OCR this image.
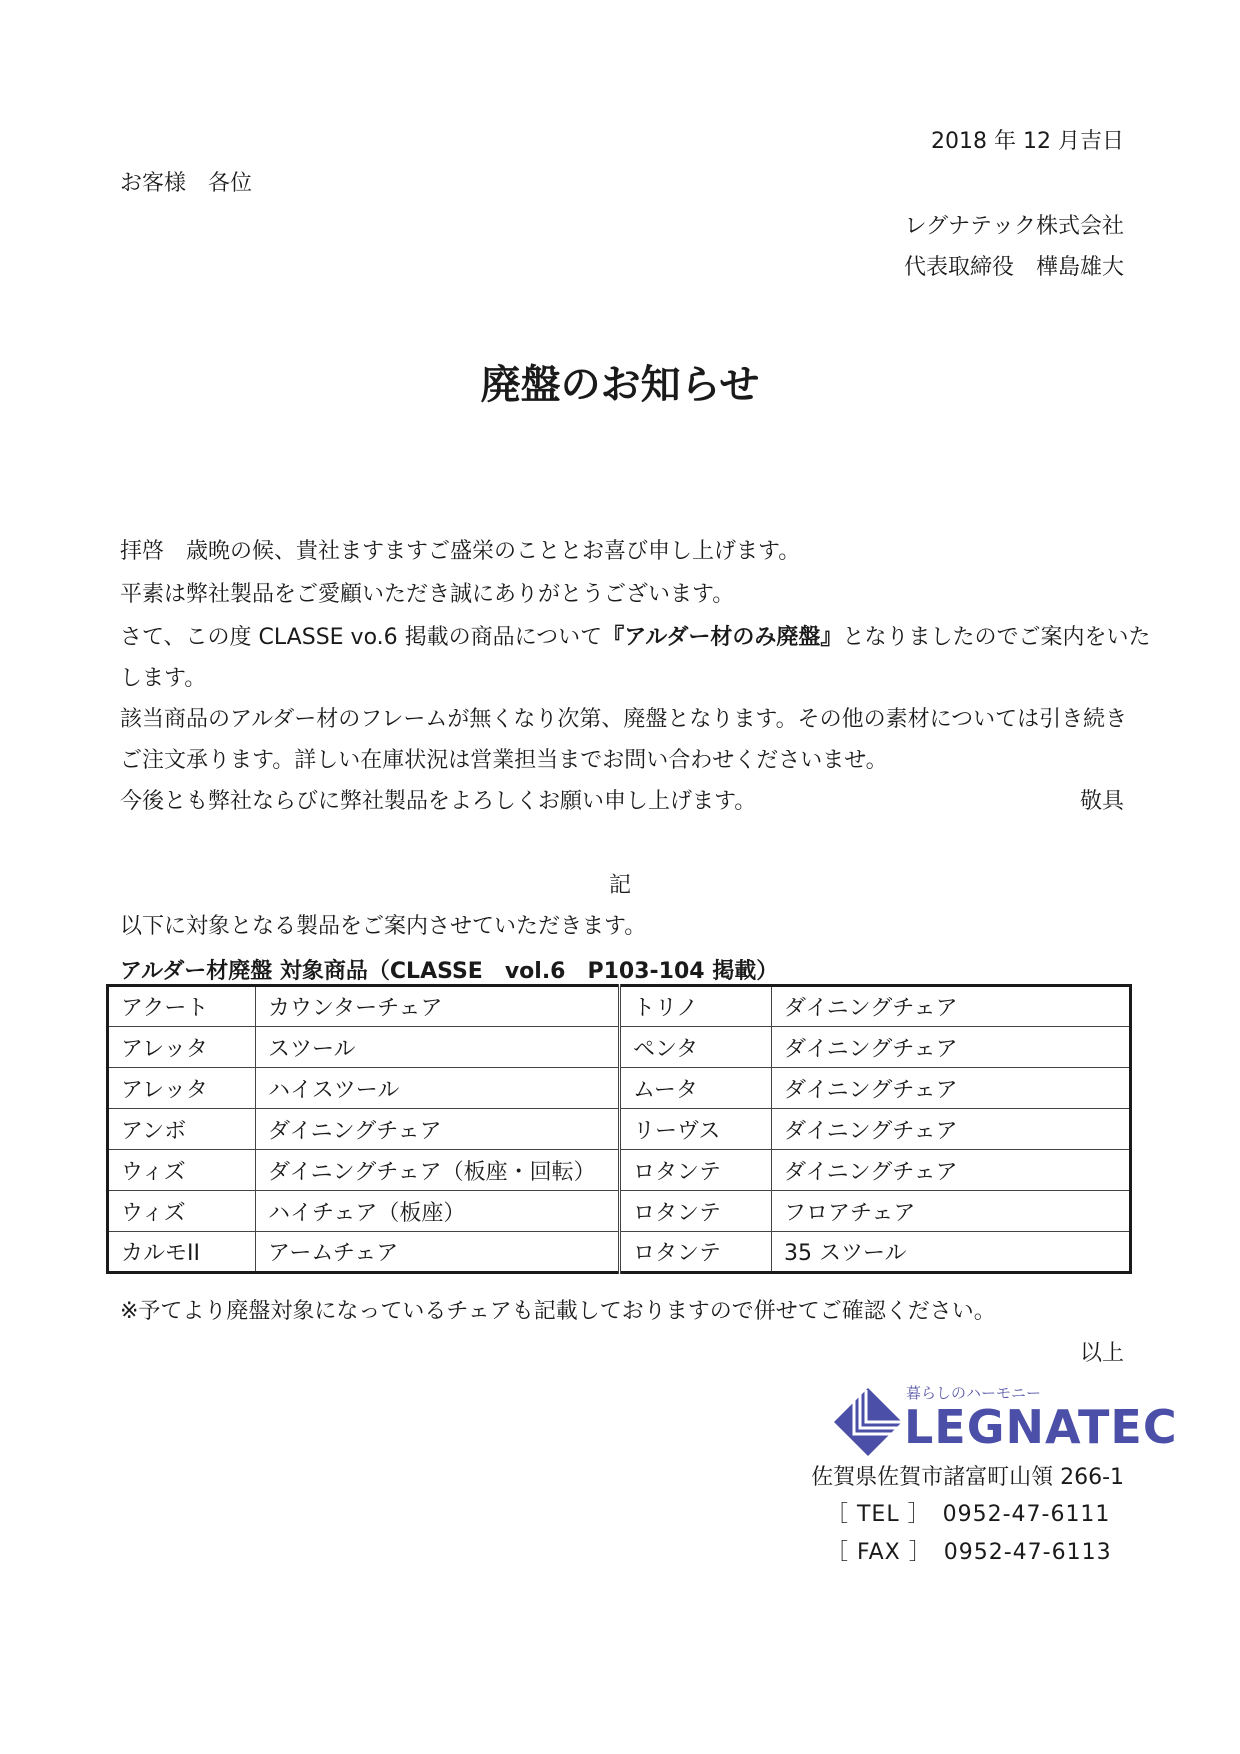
2018 年 12 月吉日
お客様　各位
レグナテック株式会社
代表取締役　樺島雄大
廃盤のお知らせ
拝啓　歳晩の候、貴社ますますご盛栄のこととお喜び申し上げます。
平素は弊社製品をご愛顧いただき誠にありがとうございます。
さて、この度 CLASSE vo.6 掲載の商品について『アルダー材のみ廃盤』となりましたのでご案内をいた
します。
該当商品のアルダー材のフレームが無くなり次第、廃盤となります。その他の素材については引き続き
ご注文承ります。詳しい在庫状況は営業担当までお問い合わせくださいませ。
今後とも弊社ならびに弊社製品をよろしくお願い申し上げます。	敬具
記
以下に対象となる製品をご案内させていただきます。
アルダー材廃盤 対象商品（CLASSE　vol.6　P103-104 掲載）
アクート	カウンターチェア	トリノ	ダイニングチェア
アレッタ	スツール	ペンタ	ダイニングチェア
アレッタ	ハイスツール	ムータ	ダイニングチェア
アンボ	ダイニングチェア	リーヴス	ダイニングチェア
ウィズ	ダイニングチェア（板座・回転）	ロタンテ	ダイニングチェア
ウィズ	ハイチェア（板座）	ロタンテ	フロアチェア
カルモII	アームチェア	ロタンテ	35 スツール
※予てより廃盤対象になっているチェアも記載しておりますので併せてご確認ください。
以上
暮らしのハーモニー
LEGNATEC
佐賀県佐賀市諸富町山領 266-1
［ TEL ］　0952-47-6111
［ FAX ］　0952-47-6113
